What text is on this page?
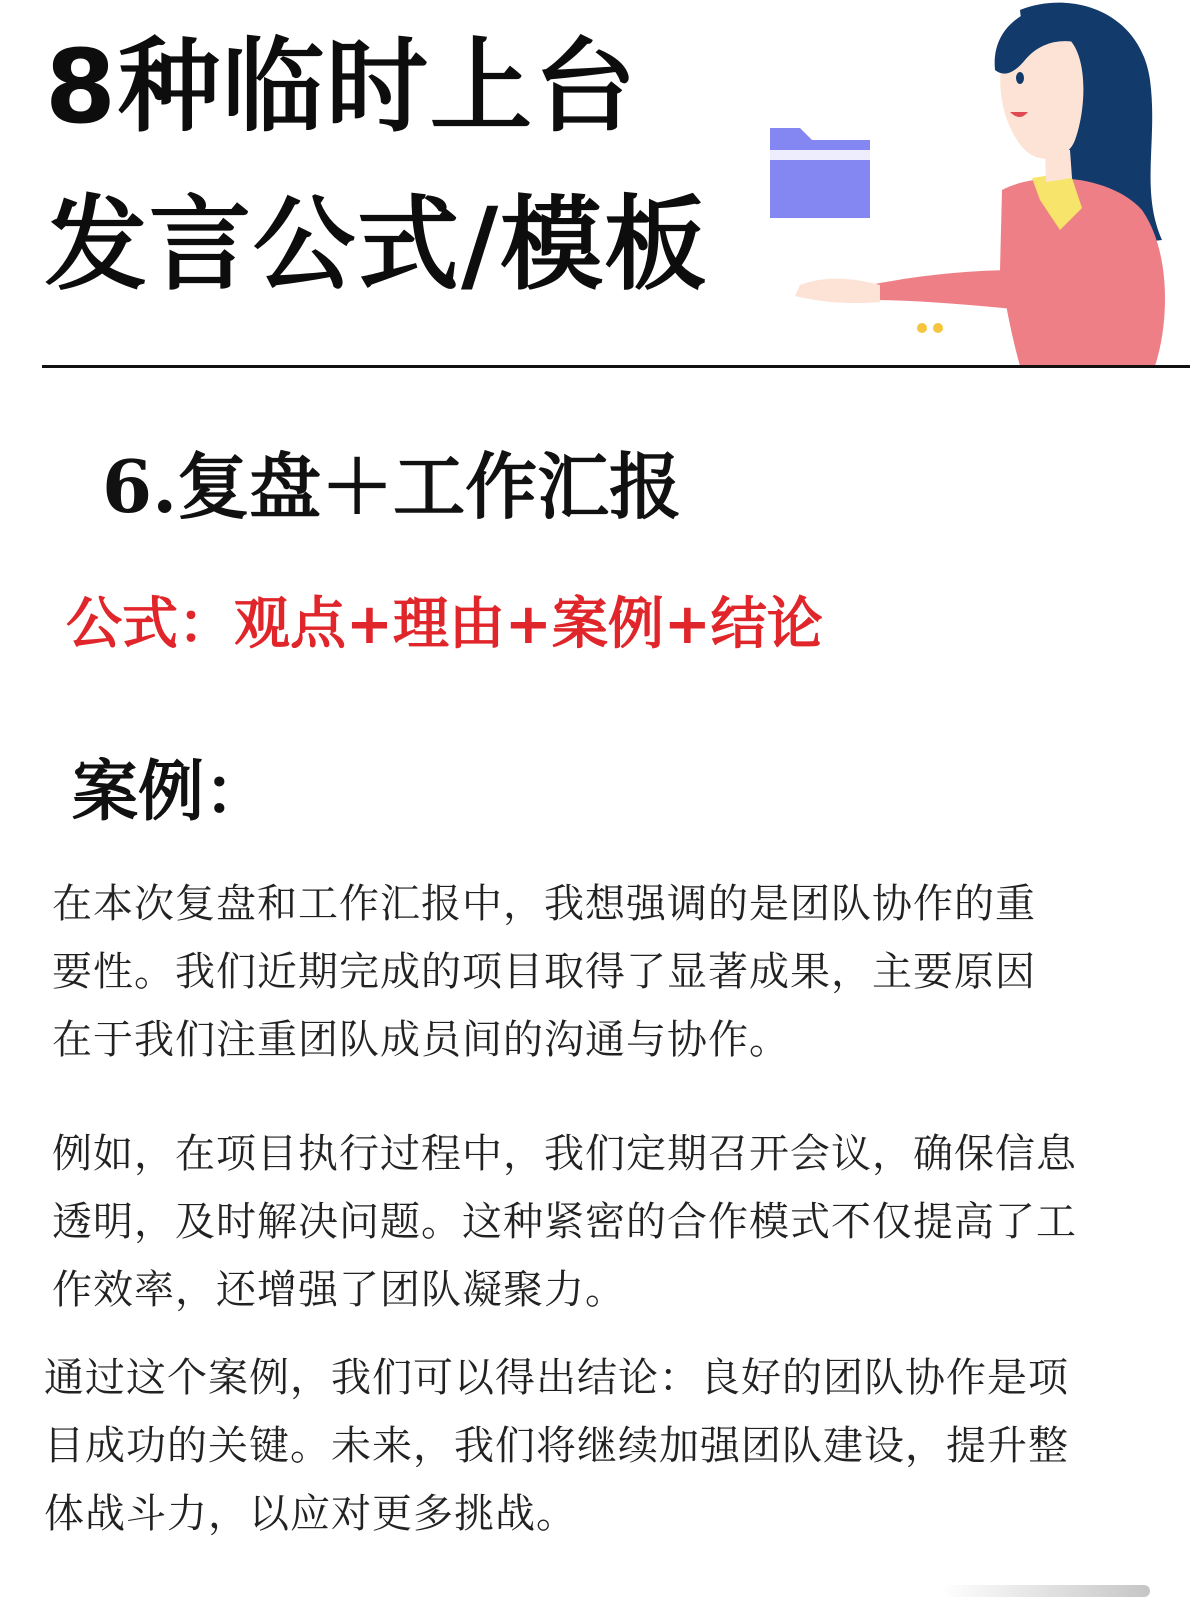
8种临时上台
发言公式/模板
6.复盘＋工作汇报
公式：观点+理由+案例+结论
案例：
在本次复盘和工作汇报中，我想强调的是团队协作的重
要性。我们近期完成的项目取得了显著成果，主要原因
在于我们注重团队成员间的沟通与协作。
例如，在项目执行过程中，我们定期召开会议，确保信息
透明，及时解决问题。这种紧密的合作模式不仅提高了工
作效率，还增强了团队凝聚力。
通过这个案例，我们可以得出结论：良好的团队协作是项
目成功的关键。未来，我们将继续加强团队建设，提升整
体战斗力，以应对更多挑战。
